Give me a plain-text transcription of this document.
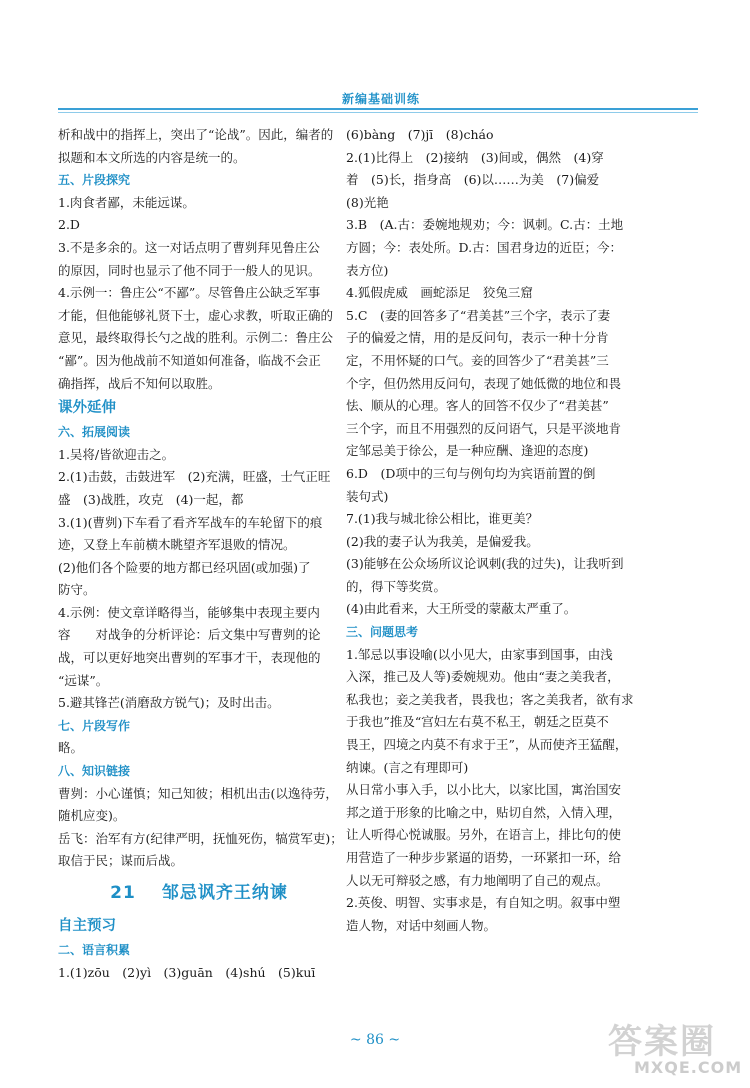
新编基础训练
析和战中的指挥上，突出了“论战”。因此，编者的
拟题和本文所选的内容是统一的。
五、片段探究
1.肉食者鄙，未能远谋。
2.D
3.不是多余的。这一对话点明了曹刿拜见鲁庄公
的原因，同时也显示了他不同于一般人的见识。
4.示例一：鲁庄公“不鄙”。尽管鲁庄公缺乏军事
才能，但他能够礼贤下士，虚心求教，听取正确的
意见，最终取得长勺之战的胜利。示例二：鲁庄公
“鄙”。因为他战前不知道如何准备，临战不会正
确指挥，战后不知何以取胜。
课外延伸
六、拓展阅读
1.吴将/皆欲迎击之。
2.(1)击鼓，击鼓进军　(2)充满，旺盛，士气正旺
盛　(3)战胜，攻克　(4)一起，都
3.(1)(曹刿)下车看了看齐军战车的车轮留下的痕
迹，又登上车前横木眺望齐军退败的情况。
(2)他们各个险要的地方都已经巩固(或加强)了
防守。
4.示例：使文章详略得当，能够集中表现主要内
容　　对战争的分析评论：后文集中写曹刿的论
战，可以更好地突出曹刿的军事才干，表现他的
“远谋”。
5.避其锋芒(消磨敌方锐气)；及时出击。
七、片段写作
略。
八、知识链接
曹刿：小心谨慎；知己知彼；相机出击(以逸待劳，
随机应变)。
岳飞：治军有方(纪律严明，抚恤死伤，犒赏军吏)；
取信于民；谋而后战。
21 邹忌讽齐王纳谏
自主预习
二、语言积累
1.(1)zōu　(2)yì　(3)guān　(4)shú　(5)kuī
(6)bàng　(7)jī　(8)cháo
2.(1)比得上　(2)接纳　(3)间或，偶然　(4)穿
着　(5)长，指身高　(6)以……为美　(7)偏爱
(8)光艳
3.B　(A.古：委婉地规劝；今：讽刺。C.古：土地
方圆；今：表处所。D.古：国君身边的近臣；今：
表方位)
4.狐假虎威　画蛇添足　狡兔三窟
5.C　(妻的回答多了“君美甚”三个字，表示了妻
子的偏爱之情，用的是反问句，表示一种十分肯
定，不用怀疑的口气。妾的回答少了“君美甚”三
个字，但仍然用反问句，表现了她低微的地位和畏
怯、顺从的心理。客人的回答不仅少了“君美甚”
三个字，而且不用强烈的反问语气，只是平淡地肯
定邹忌美于徐公，是一种应酬、逢迎的态度)
6.D　(D项中的三句与例句均为宾语前置的倒
装句式)
7.(1)我与城北徐公相比，谁更美？
(2)我的妻子认为我美，是偏爱我。
(3)能够在公众场所议论讽刺(我的过失)，让我听到
的，得下等奖赏。
(4)由此看来，大王所受的蒙蔽太严重了。
三、问题思考
1.邹忌以事设喻(以小见大，由家事到国事，由浅
入深，推己及人等)委婉规劝。他由“妻之美我者，
私我也；妾之美我者，畏我也；客之美我者，欲有求
于我也”推及“宫妇左右莫不私王，朝廷之臣莫不
畏王，四境之内莫不有求于王”，从而使齐王猛醒，
纳谏。(言之有理即可)
从日常小事入手，以小比大，以家比国，寓治国安
邦之道于形象的比喻之中，贴切自然，入情入理，
让人听得心悦诚服。另外，在语言上，排比句的使
用营造了一种步步紧逼的语势，一环紧扣一环，给
人以无可辩驳之感，有力地阐明了自己的观点。
2.英俊、明智、实事求是，有自知之明。叙事中塑
造人物，对话中刻画人物。
~ 86 ~	答案圈
MXQE.COM
